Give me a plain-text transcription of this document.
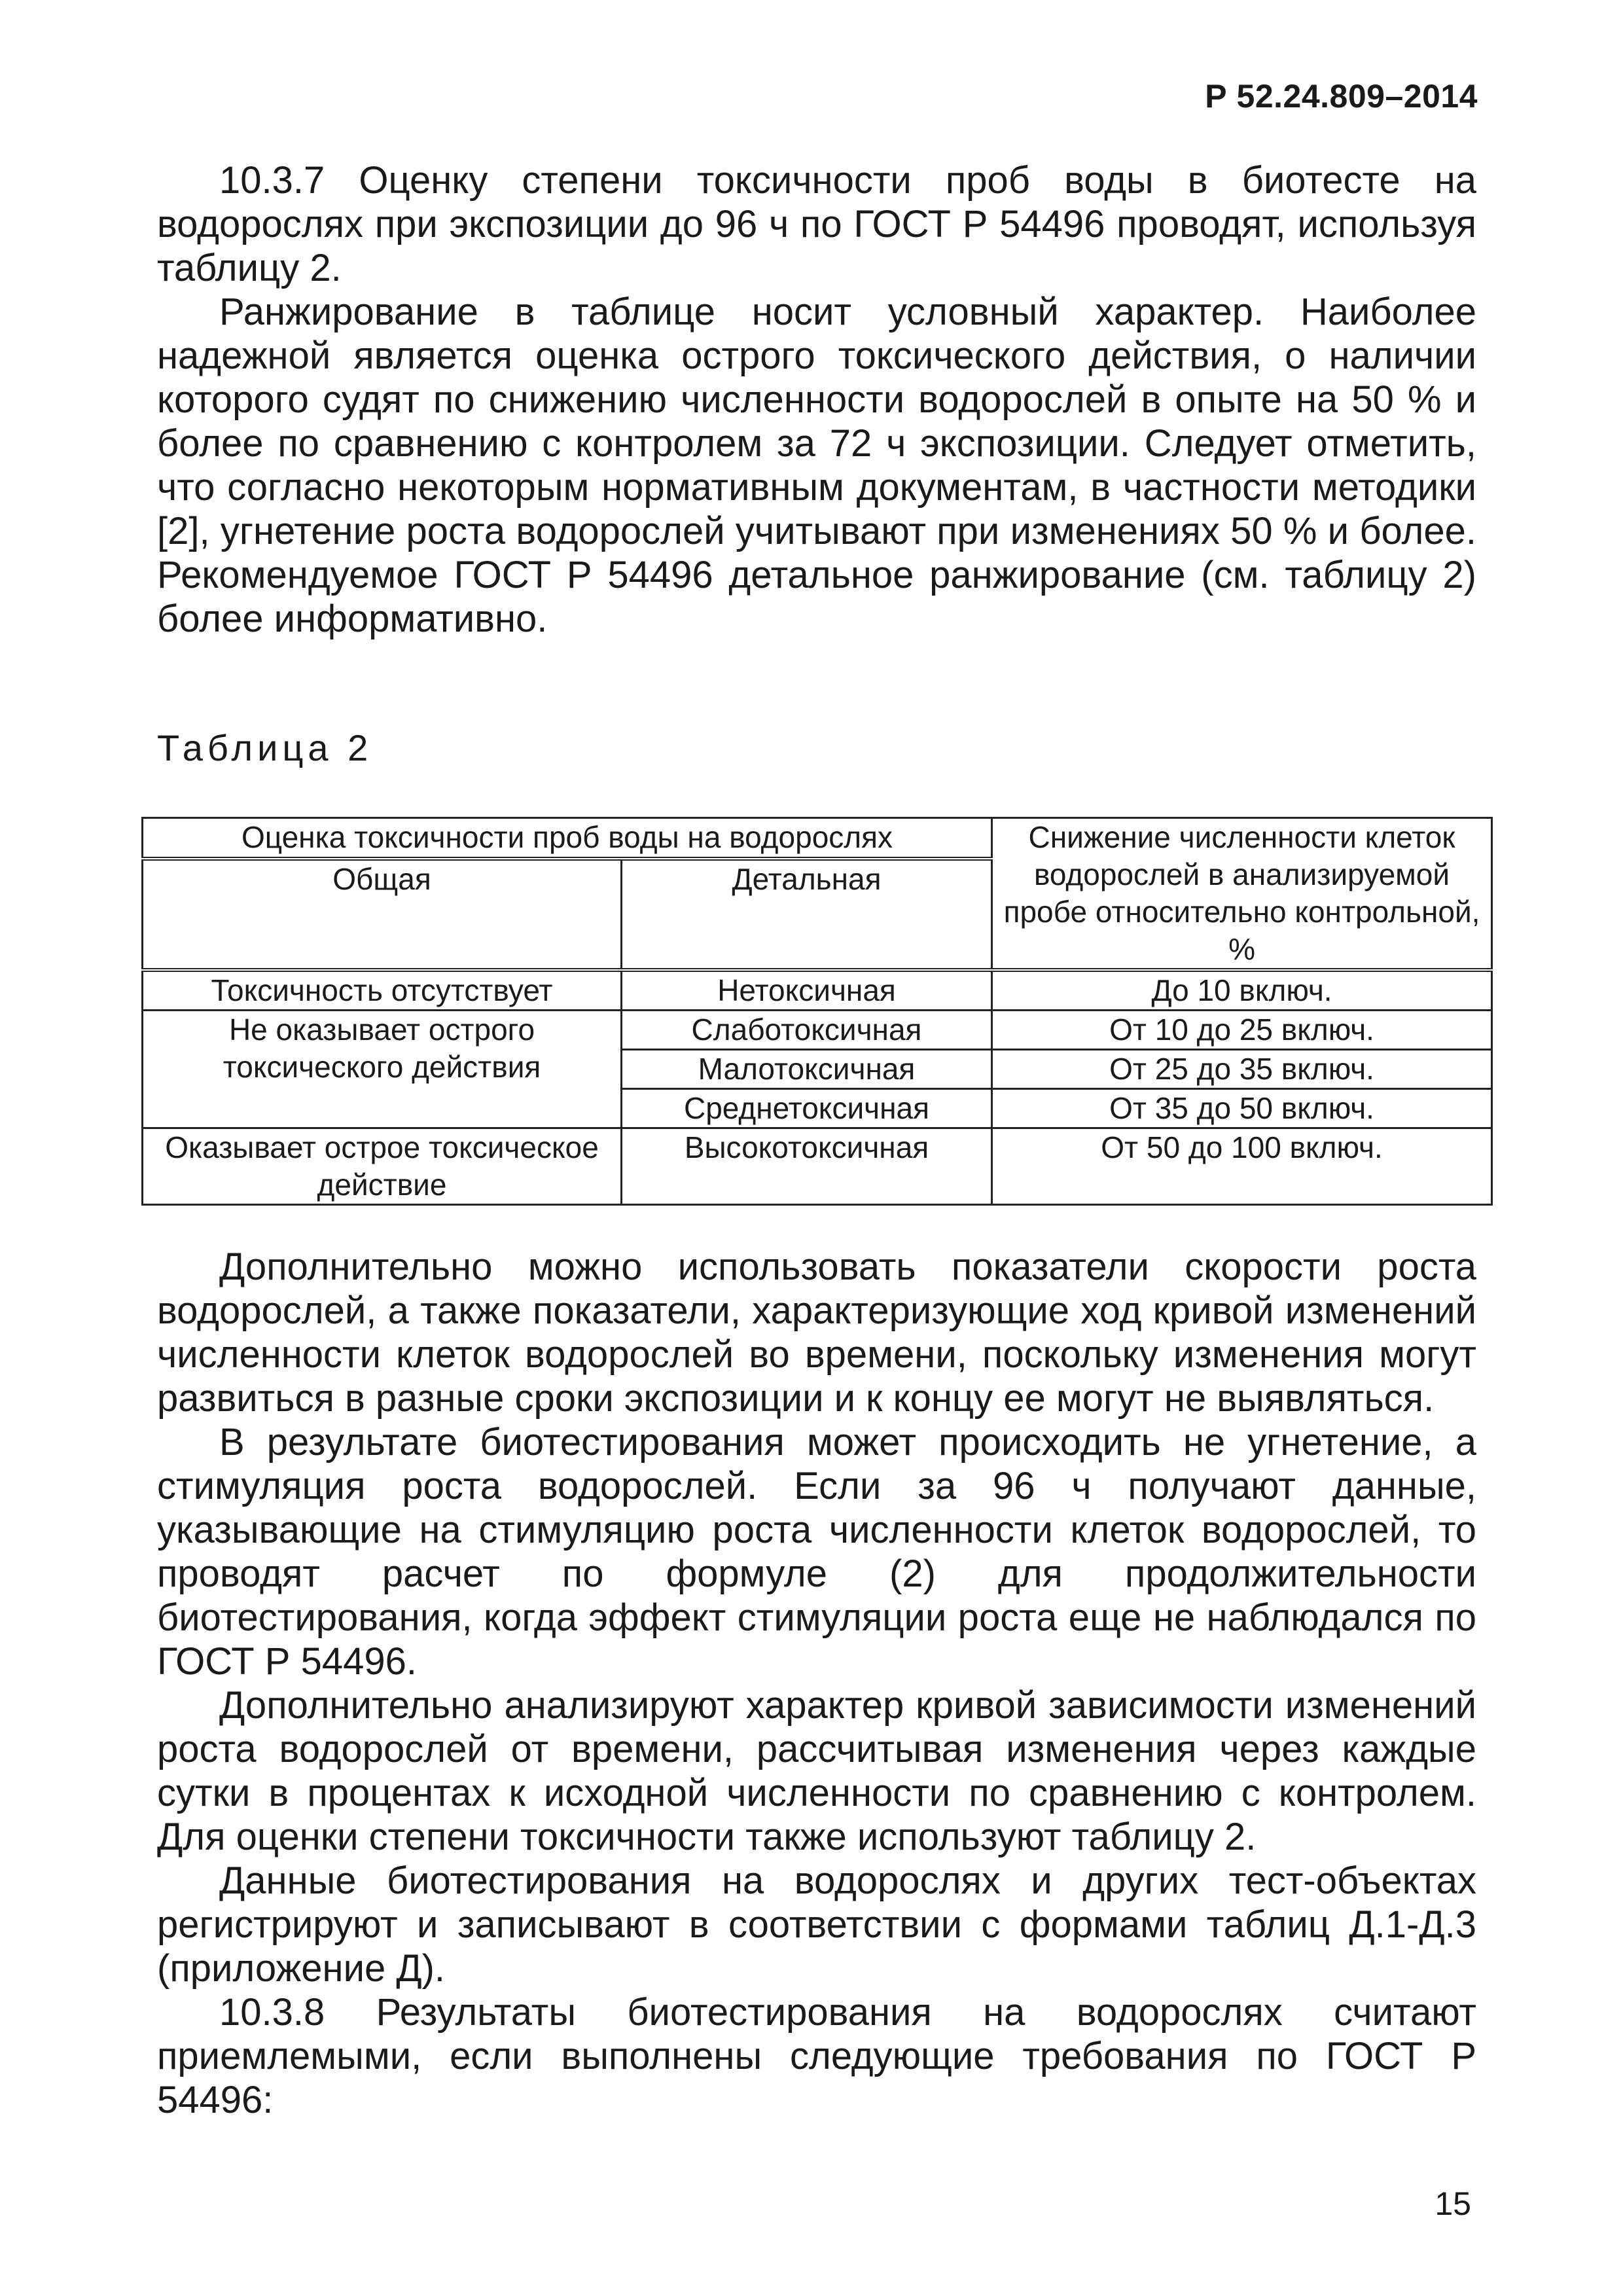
Р 52.24.809–2014

10.3.7 Оценку степени токсичности проб воды в биотесте на водорослях при экспозиции до 96 ч по ГОСТ Р 54496 проводят, используя таблицу 2.

Ранжирование в таблице носит условный характер. Наиболее надежной является оценка острого токсического действия, о наличии которого судят по снижению численности водорослей в опыте на 50 % и более по сравнению с контролем за 72 ч экспозиции. Следует отметить, что согласно некоторым нормативным документам, в частности методики [2], угнетение роста водорослей учитывают при изменениях 50 % и более. Рекомендуемое ГОСТ Р 54496 детальное ранжирование (см. таблицу 2) более информативно.

Таблица 2
Оценка токсичности проб воды на водорослях		Снижение численности клеток водорослей в анализируемой пробе относительно контрольной, %
Общая	Детальная	
Токсичность отсутствует	Нетоксичная	До 10 включ.
Не оказывает острого токсического действия	Слаботоксичная	От 10 до 25 включ.
	Малотоксичная	От 25 до 35 включ.
	Среднетоксичная	От 35 до 50 включ.
Оказывает острое токсическое действие	Высокотоксичная	От 50 до 100 включ.

Дополнительно можно использовать показатели скорости роста водорослей, а также показатели, характеризующие ход кривой изменений численности клеток водорослей во времени, поскольку изменения могут развиться в разные сроки экспозиции и к концу ее могут не выявляться.

В результате биотестирования может происходить не угнетение, а стимуляция роста водорослей. Если за 96 ч получают данные, указывающие на стимуляцию роста численности клеток водорослей, то проводят расчет по формуле (2) для продолжительности биотестирования, когда эффект стимуляции роста еще не наблюдался по ГОСТ Р 54496.

Дополнительно анализируют характер кривой зависимости изменений роста водорослей от времени, рассчитывая изменения через каждые сутки в процентах к исходной численности по сравнению с контролем. Для оценки степени токсичности также используют таблицу 2.

Данные биотестирования на водорослях и других тест-объектах регистрируют и записывают в соответствии с формами таблиц Д.1-Д.3 (приложение Д).

10.3.8 Результаты биотестирования на водорослях считают приемлемыми, если выполнены следующие требования по ГОСТ Р 54496:

15
